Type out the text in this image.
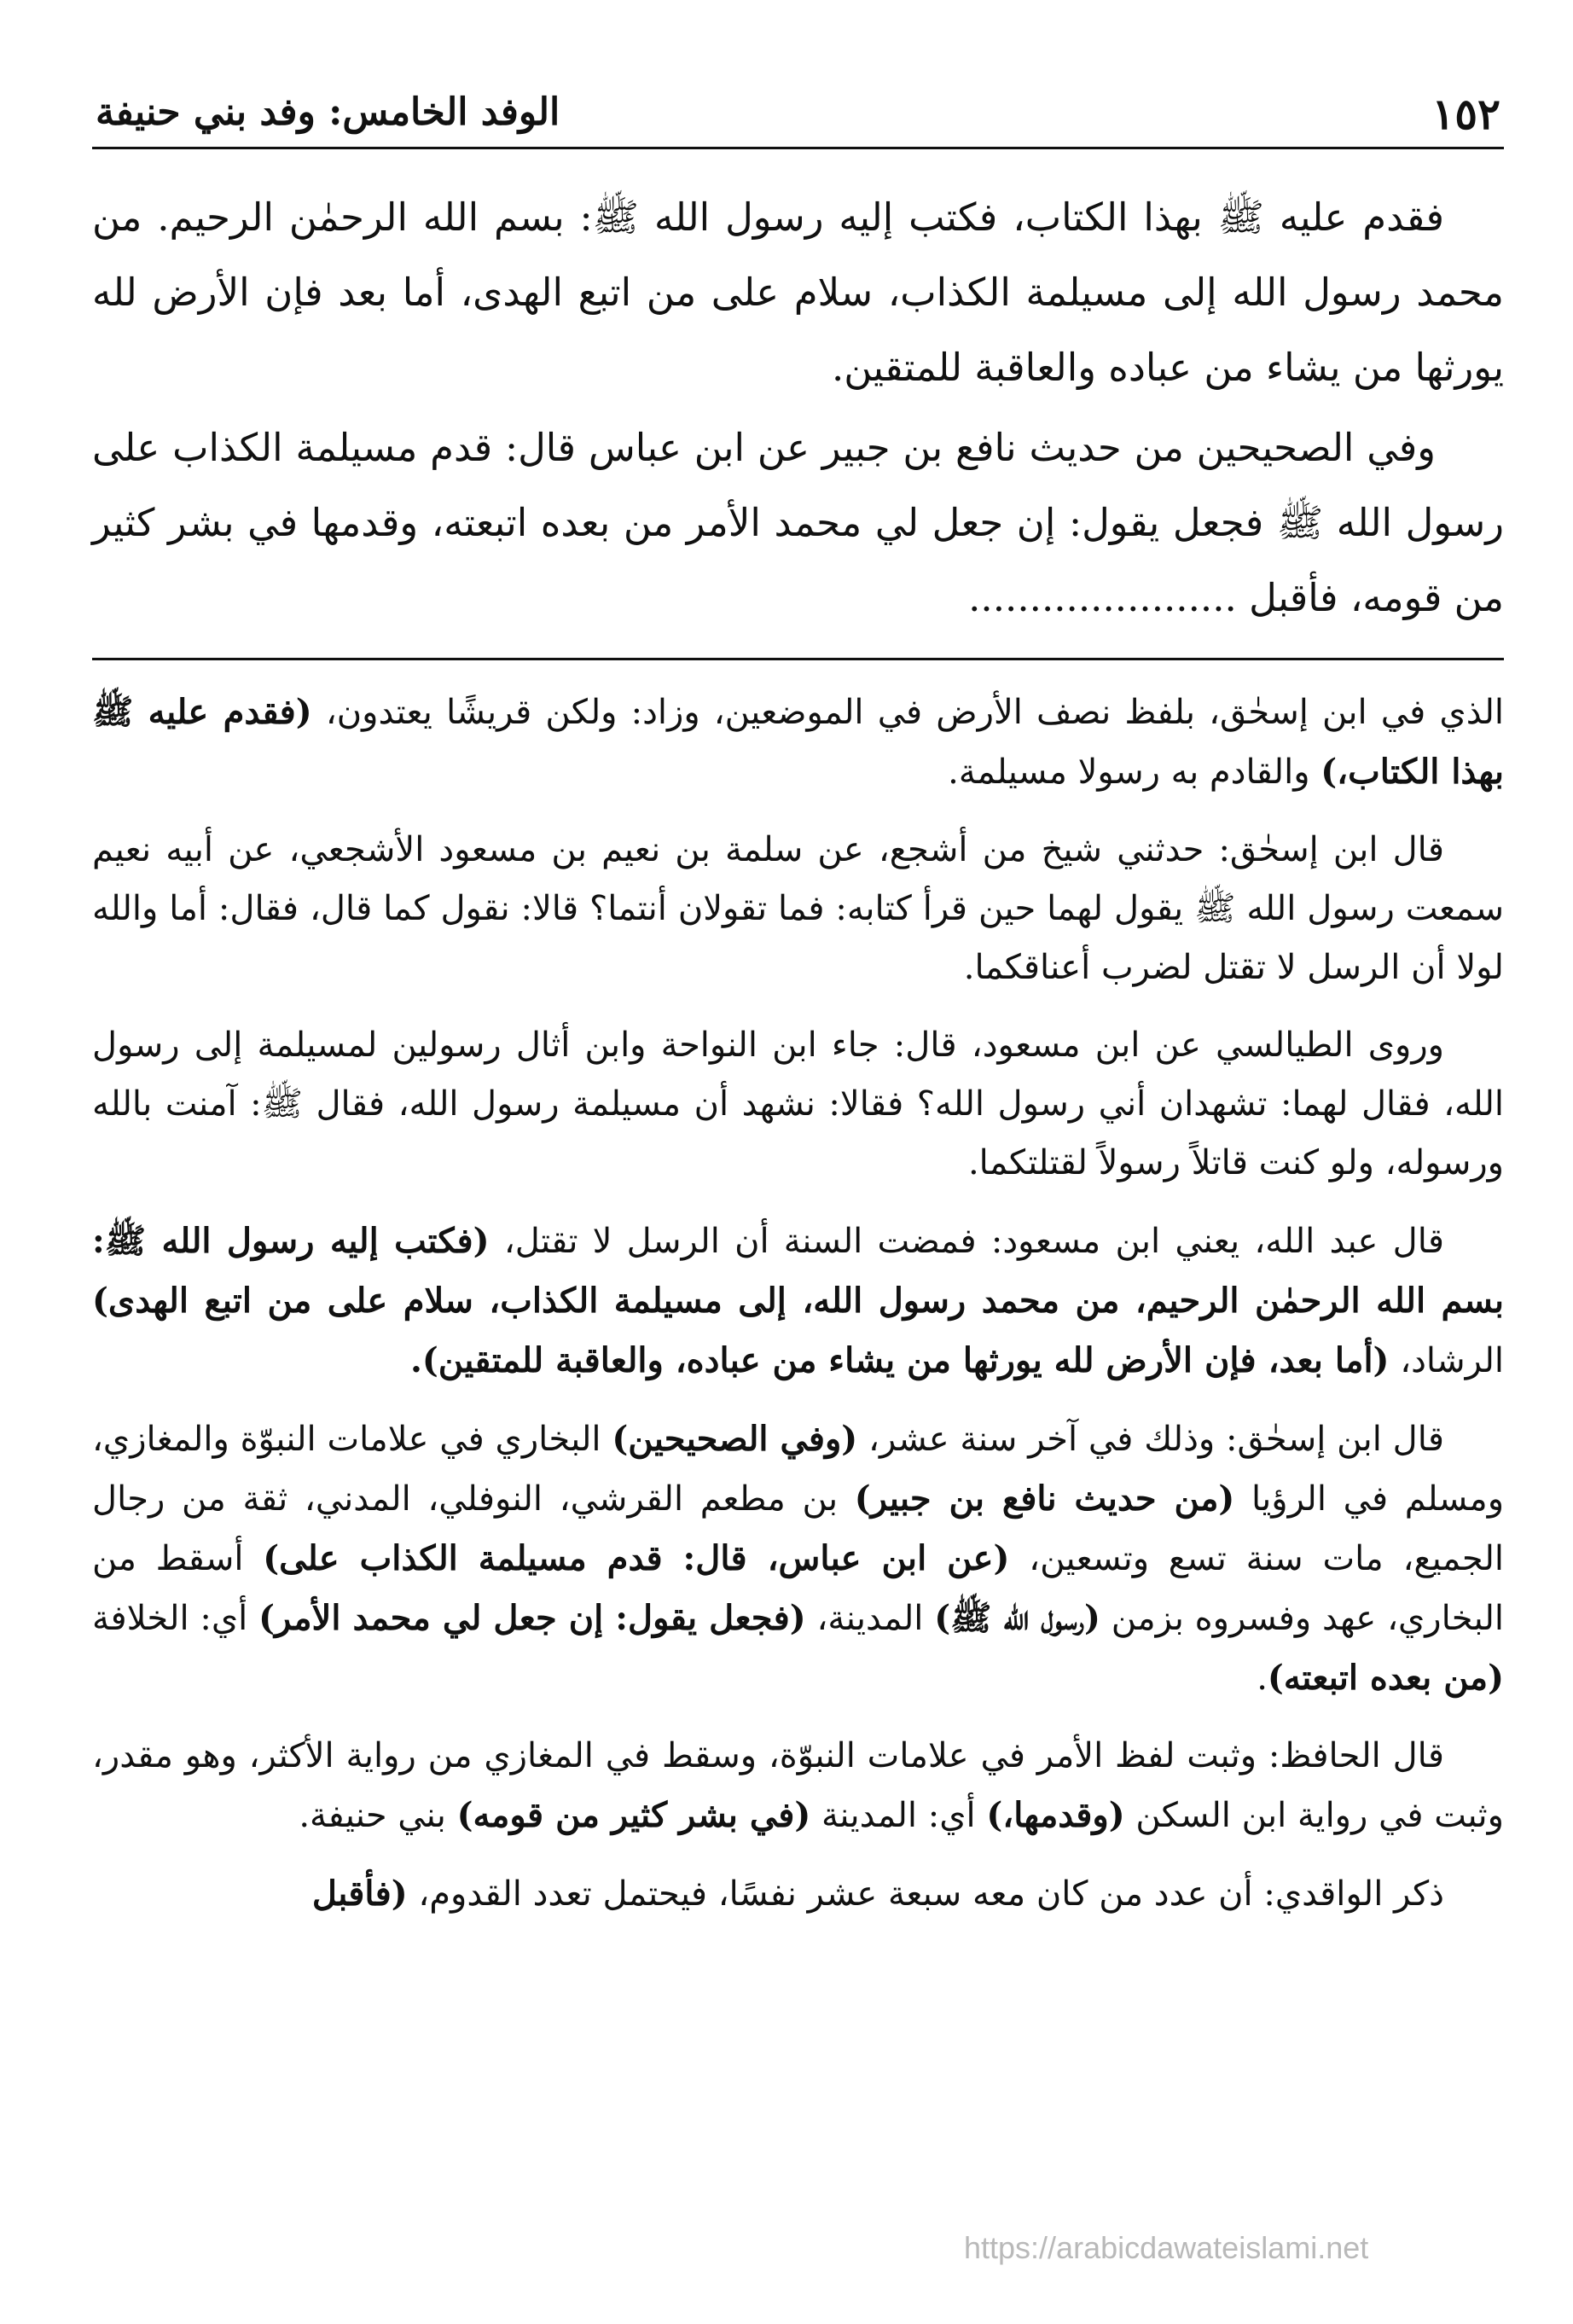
١٥٢
الوفد الخامس: وفد بني حنيفة

فقدم عليه ﷺ بهذا الكتاب، فكتب إليه رسول الله ﷺ: بسم الله الرحمٰن الرحيم. من محمد رسول الله إلى مسيلمة الكذاب، سلام على من اتبع الهدى، أما بعد فإن الأرض لله يورثها من يشاء من عباده والعاقبة للمتقين.

وفي الصحيحين من حديث نافع بن جبير عن ابن عباس قال: قدم مسيلمة الكذاب على رسول الله ﷺ فجعل يقول: إن جعل لي محمد الأمر من بعده اتبعته، وقدمها في بشر كثير من قومه، فأقبل ......................

الذي في ابن إسحٰق، بلفظ نصف الأرض في الموضعين، وزاد: ولكن قريشًا يعتدون، (فقدم عليه ﷺ بهذا الكتاب،) والقادم به رسولا مسيلمة.

قال ابن إسحٰق: حدثني شيخ من أشجع، عن سلمة بن نعيم بن مسعود الأشجعي، عن أبيه نعيم سمعت رسول الله ﷺ يقول لهما حين قرأ كتابه: فما تقولان أنتما؟ قالا: نقول كما قال، فقال: أما والله لولا أن الرسل لا تقتل لضرب أعناقكما.

وروى الطيالسي عن ابن مسعود، قال: جاء ابن النواحة وابن أثال رسولين لمسيلمة إلى رسول الله، فقال لهما: تشهدان أني رسول الله؟ فقالا: نشهد أن مسيلمة رسول الله، فقال ﷺ: آمنت بالله ورسوله، ولو كنت قاتلاً رسولاً لقتلتكما.

قال عبد الله، يعني ابن مسعود: فمضت السنة أن الرسل لا تقتل، (فكتب إليه رسول الله ﷺ: بسم الله الرحمٰن الرحيم، من محمد رسول الله، إلى مسيلمة الكذاب، سلام على من اتبع الهدى) الرشاد، (أما بعد، فإن الأرض لله يورثها من يشاء من عباده، والعاقبة للمتقين).

قال ابن إسحٰق: وذلك في آخر سنة عشر، (وفي الصحيحين) البخاري في علامات النبوّة والمغازي، ومسلم في الرؤيا (من حديث نافع بن جبير) بن مطعم القرشي، النوفلي، المدني، ثقة من رجال الجميع، مات سنة تسع وتسعين، (عن ابن عباس، قال: قدم مسيلمة الكذاب على) أسقط من البخاري، عهد وفسروه بزمن (رسول الله ﷺ) المدينة، (فجعل يقول: إن جعل لي محمد الأمر) أي: الخلافة (من بعده اتبعته).

قال الحافظ: وثبت لفظ الأمر في علامات النبوّة، وسقط في المغازي من رواية الأكثر، وهو مقدر، وثبت في رواية ابن السكن (وقدمها،) أي: المدينة (في بشر كثير من قومه) بني حنيفة.

ذكر الواقدي: أن عدد من كان معه سبعة عشر نفسًا، فيحتمل تعدد القدوم، (فأقبل

https://arabicdawateislami.net
